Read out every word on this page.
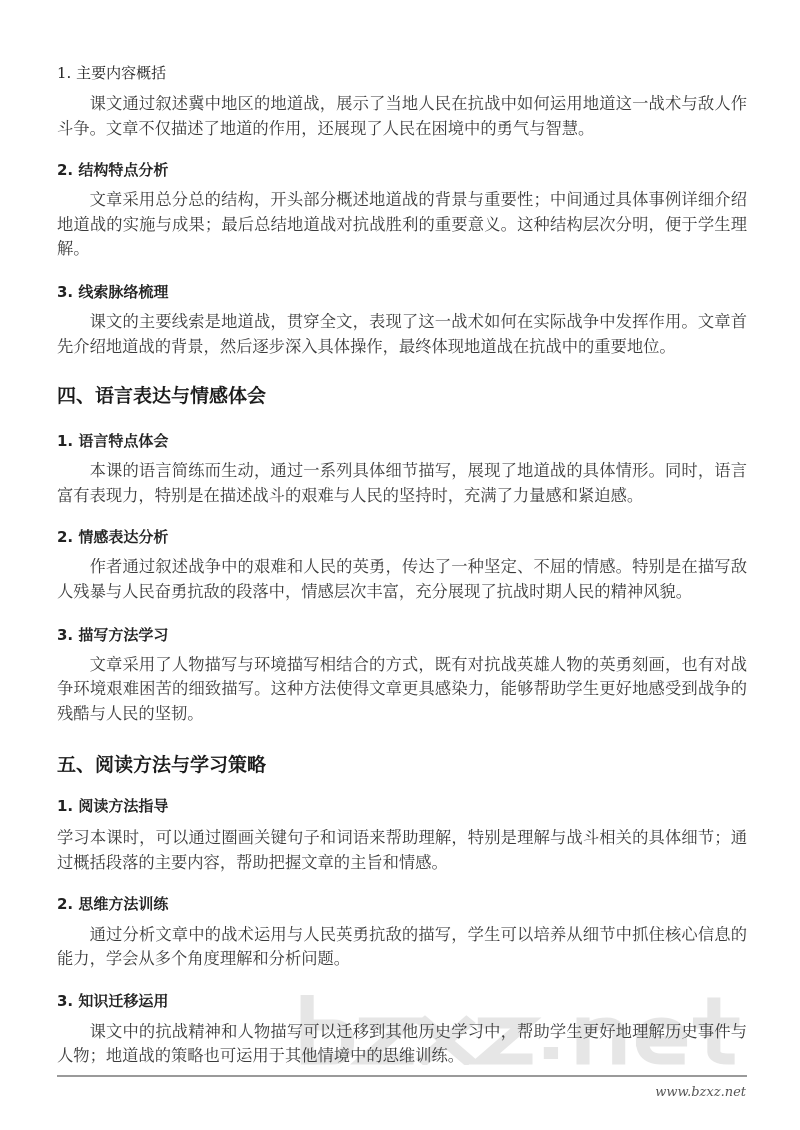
1. 主要内容概括

课文通过叙述冀中地区的地道战，展示了当地人民在抗战中如何运用地道这一战术与敌人作斗争。文章不仅描述了地道的作用，还展现了人民在困境中的勇气与智慧。

2. 结构特点分析

文章采用总分总的结构，开头部分概述地道战的背景与重要性；中间通过具体事例详细介绍地道战的实施与成果；最后总结地道战对抗战胜利的重要意义。这种结构层次分明，便于学生理解。

3. 线索脉络梳理

课文的主要线索是地道战，贯穿全文，表现了这一战术如何在实际战争中发挥作用。文章首先介绍地道战的背景，然后逐步深入具体操作，最终体现地道战在抗战中的重要地位。

四、语言表达与情感体会
1. 语言特点体会

本课的语言简练而生动，通过一系列具体细节描写，展现了地道战的具体情形。同时，语言富有表现力，特别是在描述战斗的艰难与人民的坚持时，充满了力量感和紧迫感。

2. 情感表达分析

作者通过叙述战争中的艰难和人民的英勇，传达了一种坚定、不屈的情感。特别是在描写敌人残暴与人民奋勇抗敌的段落中，情感层次丰富，充分展现了抗战时期人民的精神风貌。

3. 描写方法学习

文章采用了人物描写与环境描写相结合的方式，既有对抗战英雄人物的英勇刻画，也有对战争环境艰难困苦的细致描写。这种方法使得文章更具感染力，能够帮助学生更好地感受到战争的残酷与人民的坚韧。

五、阅读方法与学习策略
1. 阅读方法指导

学习本课时，可以通过圈画关键句子和词语来帮助理解，特别是理解与战斗相关的具体细节；通过概括段落的主要内容，帮助把握文章的主旨和情感。

2. 思维方法训练

通过分析文章中的战术运用与人民英勇抗敌的描写，学生可以培养从细节中抓住核心信息的能力，学会从多个角度理解和分析问题。

3. 知识迁移运用

课文中的抗战精神和人物描写可以迁移到其他历史学习中，帮助学生更好地理解历史事件与人物；地道战的策略也可运用于其他情境中的思维训练。

www.bzxz.net
